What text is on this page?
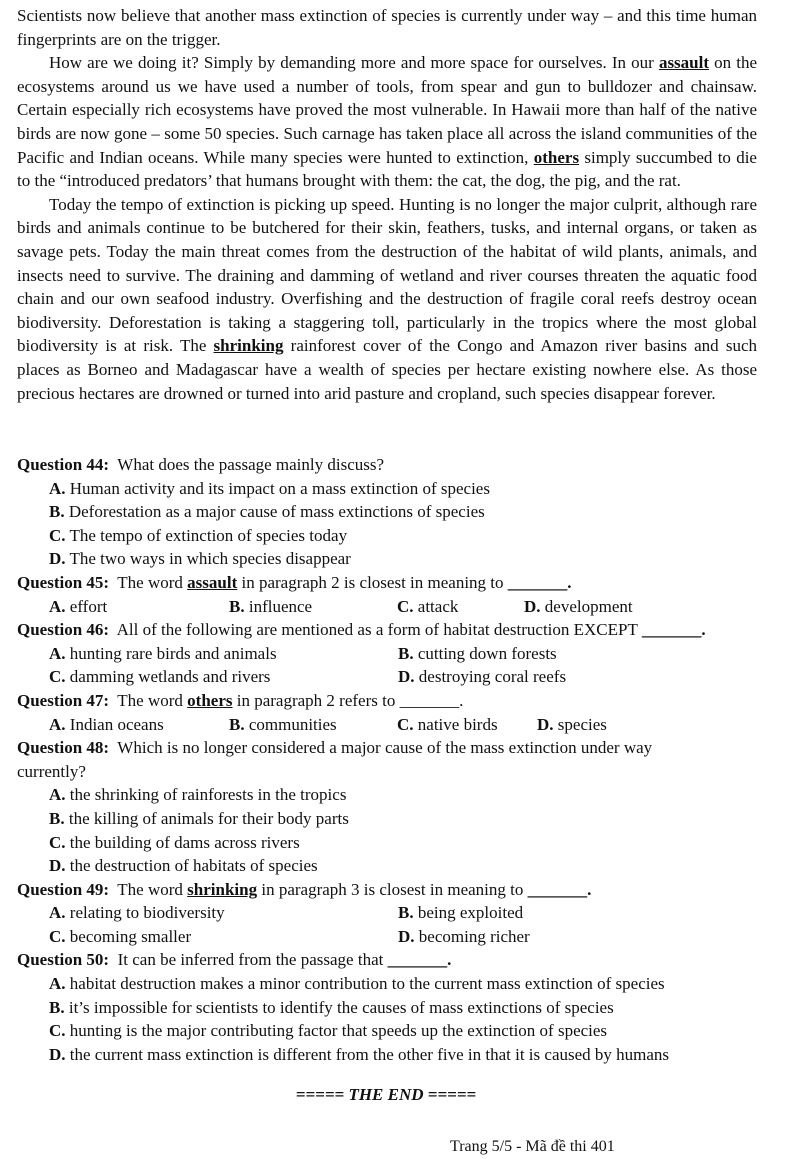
Scientists now believe that another mass extinction of species is currently under way – and this time human fingerprints are on the trigger.

How are we doing it? Simply by demanding more and more space for ourselves. In our assault on the ecosystems around us we have used a number of tools, from spear and gun to bulldozer and chainsaw. Certain especially rich ecosystems have proved the most vulnerable. In Hawaii more than half of the native birds are now gone – some 50 species. Such carnage has taken place all across the island communities of the Pacific and Indian oceans. While many species were hunted to extinction, others simply succumbed to die to the “introduced predators’ that humans brought with them: the cat, the dog, the pig, and the rat.

Today the tempo of extinction is picking up speed. Hunting is no longer the major culprit, although rare birds and animals continue to be butchered for their skin, feathers, tusks, and internal organs, or taken as savage pets. Today the main threat comes from the destruction of the habitat of wild plants, animals, and insects need to survive. The draining and damming of wetland and river courses threaten the aquatic food chain and our own seafood industry. Overfishing and the destruction of fragile coral reefs destroy ocean biodiversity. Deforestation is taking a staggering toll, particularly in the tropics where the most global biodiversity is at risk. The shrinking rainforest cover of the Congo and Amazon river basins and such places as Borneo and Madagascar have a wealth of species per hectare existing nowhere else. As those precious hectares are drowned or turned into arid pasture and cropland, such species disappear forever.

Question 44: What does the passage mainly discuss?
A. Human activity and its impact on a mass extinction of species
B. Deforestation as a major cause of mass extinctions of species
C. The tempo of extinction of species today
D. The two ways in which species disappear
Question 45: The word assault in paragraph 2 is closest in meaning to _______.
A. effort	B. influence	C. attack	D. development
Question 46: All of the following are mentioned as a form of habitat destruction EXCEPT _______.
A. hunting rare birds and animals	B. cutting down forests
C. damming wetlands and rivers	D. destroying coral reefs
Question 47: The word others in paragraph 2 refers to _______.
A. Indian oceans	B. communities	C. native birds	D. species
Question 48: Which is no longer considered a major cause of the mass extinction under way currently?
A. the shrinking of rainforests in the tropics
B. the killing of animals for their body parts
C. the building of dams across rivers
D. the destruction of habitats of species
Question 49: The word shrinking in paragraph 3 is closest in meaning to _______.
A. relating to biodiversity	B. being exploited
C. becoming smaller	D. becoming richer
Question 50: It can be inferred from the passage that _______.
A. habitat destruction makes a minor contribution to the current mass extinction of species
B. it’s impossible for scientists to identify the causes of mass extinctions of species
C. hunting is the major contributing factor that speeds up the extinction of species
D. the current mass extinction is different from the other five in that it is caused by humans
===== THE END =====
Trang 5/5 - Mã đề thi 401
